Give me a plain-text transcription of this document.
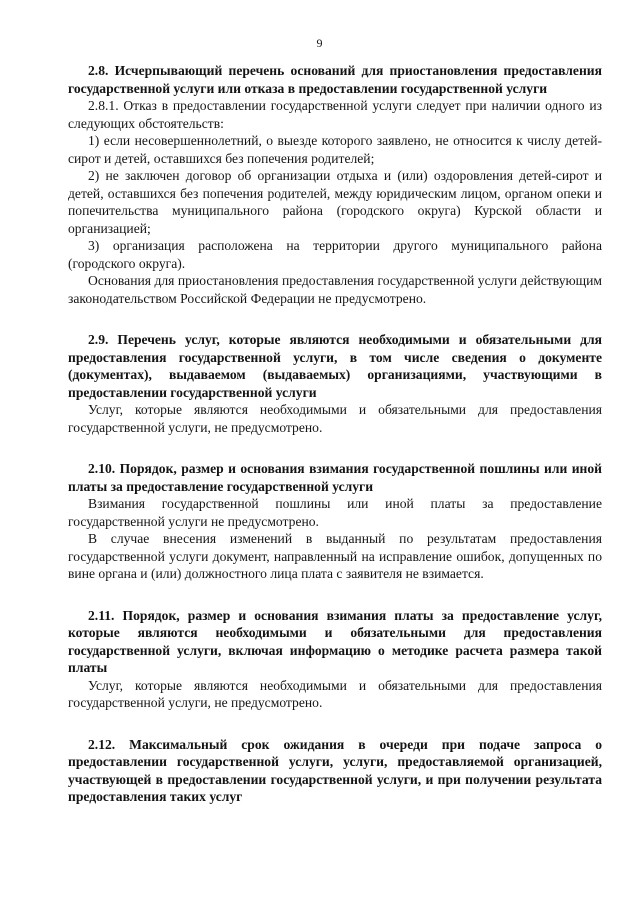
9

2.8. Исчерпывающий перечень оснований для приостановления предоставления государственной услуги или отказа в предоставлении государственной услуги

2.8.1. Отказ в предоставлении государственной услуги следует при наличии одного из следующих обстоятельств:

1) если несовершеннолетний, о выезде которого заявлено, не относится к числу детей-сирот и детей, оставшихся без попечения родителей;

2) не заключен договор об организации отдыха и (или) оздоровления детей-сирот и детей, оставшихся без попечения родителей, между юридическим лицом, органом опеки и попечительства муниципального района (городского округа) Курской области и организацией;

3) организация расположена на территории другого муниципального района (городского округа).

Основания для приостановления предоставления государственной услуги действующим законодательством Российской Федерации не предусмотрено.

2.9. Перечень услуг, которые являются необходимыми и обязательными для предоставления государственной услуги, в том числе сведения о документе (документах), выдаваемом (выдаваемых) организациями, участвующими в предоставлении государственной услуги

Услуг, которые являются необходимыми и обязательными для предоставления государственной услуги, не предусмотрено.

2.10. Порядок, размер и основания взимания государственной пошлины или иной платы за предоставление государственной услуги

Взимания государственной пошлины или иной платы за предоставление государственной услуги не предусмотрено.

В случае внесения изменений в выданный по результатам предоставления государственной услуги документ, направленный на исправление ошибок, допущенных по вине органа и (или) должностного лица плата с заявителя не взимается.

2.11. Порядок, размер и основания взимания платы за предоставление услуг, которые являются необходимыми и обязательными для предоставления государственной услуги, включая информацию о методике расчета размера такой платы

Услуг, которые являются необходимыми и обязательными для предоставления государственной услуги, не предусмотрено.

2.12. Максимальный срок ожидания в очереди при подаче запроса о предоставлении государственной услуги, услуги, предоставляемой организацией, участвующей в предоставлении государственной услуги, и при получении результата предоставления таких услуг
